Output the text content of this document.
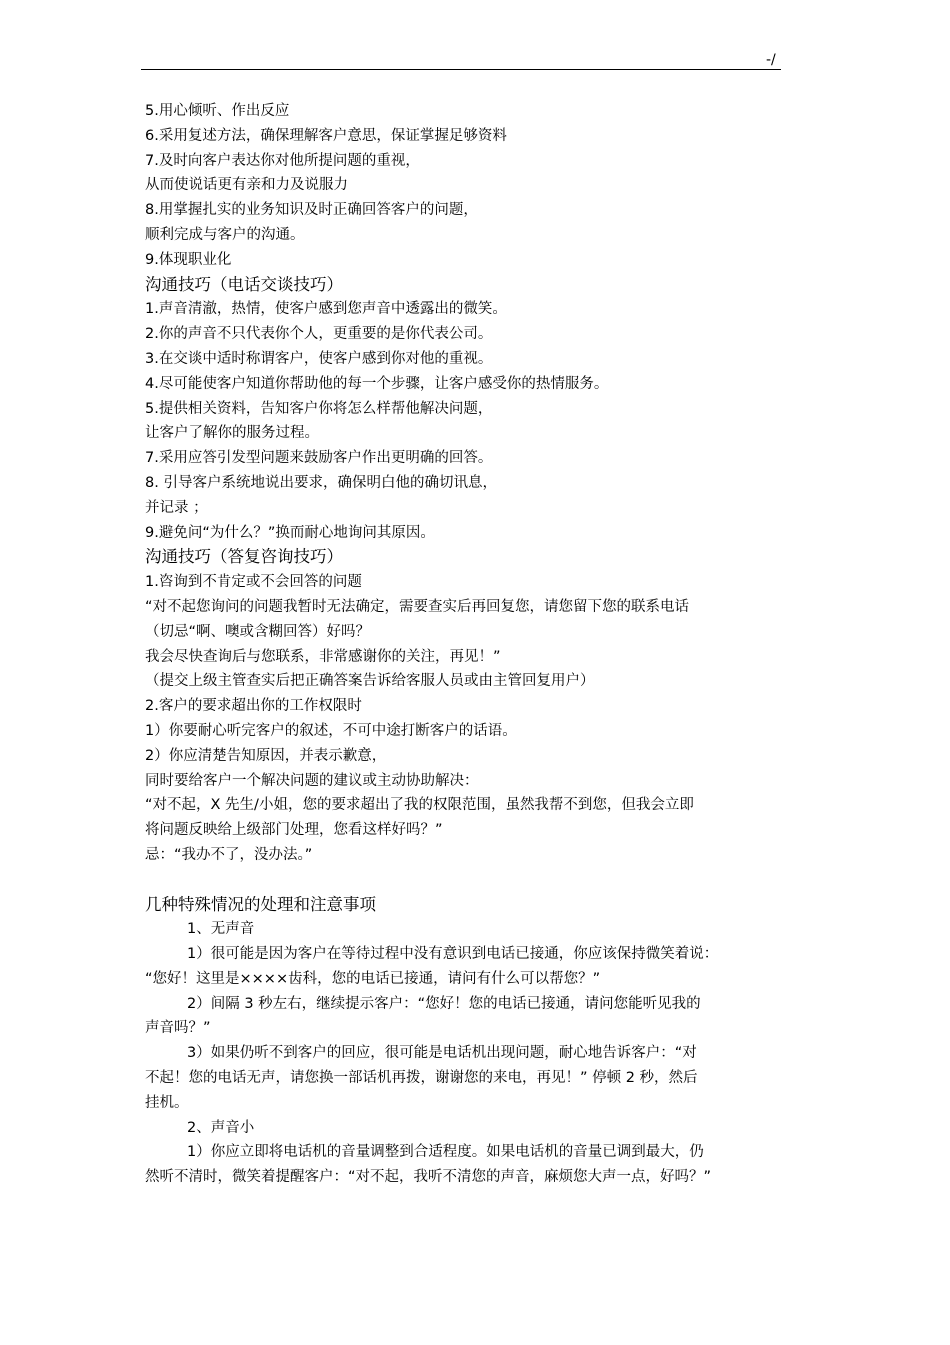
-/
5.用心倾听、作出反应
6.采用复述方法，确保理解客户意思，保证掌握足够资料
7.及时向客户表达你对他所提问题的重视，
从而使说话更有亲和力及说服力
8.用掌握扎实的业务知识及时正确回答客户的问题，
顺利完成与客户的沟通。
9.体现职业化
沟通技巧（电话交谈技巧）
1.声音清澈，热情，使客户感到您声音中透露出的微笑。
2.你的声音不只代表你个人，更重要的是你代表公司。
3.在交谈中适时称谓客户，使客户感到你对他的重视。
4.尽可能使客户知道你帮助他的每一个步骤，让客户感受你的热情服务。
5.提供相关资料，告知客户你将怎么样帮他解决问题，
让客户了解你的服务过程。
7.采用应答引发型问题来鼓励客户作出更明确的回答。
8. 引导客户系统地说出要求，确保明白他的确切讯息，
并记录 ；
9.避免问“为什么？”换而耐心地询问其原因。
沟通技巧（答复咨询技巧）
1.咨询到不肯定或不会回答的问题
“对不起您询问的问题我暂时无法确定，需要查实后再回复您，请您留下您的联系电话
（切忌“啊、噢或含糊回答）好吗？
我会尽快查询后与您联系，非常感谢你的关注，再见！”
（提交上级主管查实后把正确答案告诉给客服人员或由主管回复用户）
2.客户的要求超出你的工作权限时
1）你要耐心听完客户的叙述，不可中途打断客户的话语。
2）你应清楚告知原因，并表示歉意，
同时要给客户一个解决问题的建议或主动协助解决：
“对不起，X 先生/小姐，您的要求超出了我的权限范围，虽然我帮不到您，但我会立即
将问题反映给上级部门处理，您看这样好吗？”
忌：“我办不了，没办法。”
几种特殊情况的处理和注意事项
1、无声音
1）很可能是因为客户在等待过程中没有意识到电话已接通，你应该保持微笑着说：
“您好！这里是××××齿科，您的电话已接通，请问有什么可以帮您？”
2）间隔 3 秒左右，继续提示客户：“您好！您的电话已接通，请问您能听见我的
声音吗？”
3）如果仍听不到客户的回应，很可能是电话机出现问题，耐心地告诉客户：“对
不起！您的电话无声，请您换一部话机再拨，谢谢您的来电，再见！” 停顿 2 秒，然后
挂机。
2、声音小
1）你应立即将电话机的音量调整到合适程度。如果电话机的音量已调到最大，仍
然听不清时，微笑着提醒客户：“对不起，我听不清您的声音，麻烦您大声一点，好吗？”
